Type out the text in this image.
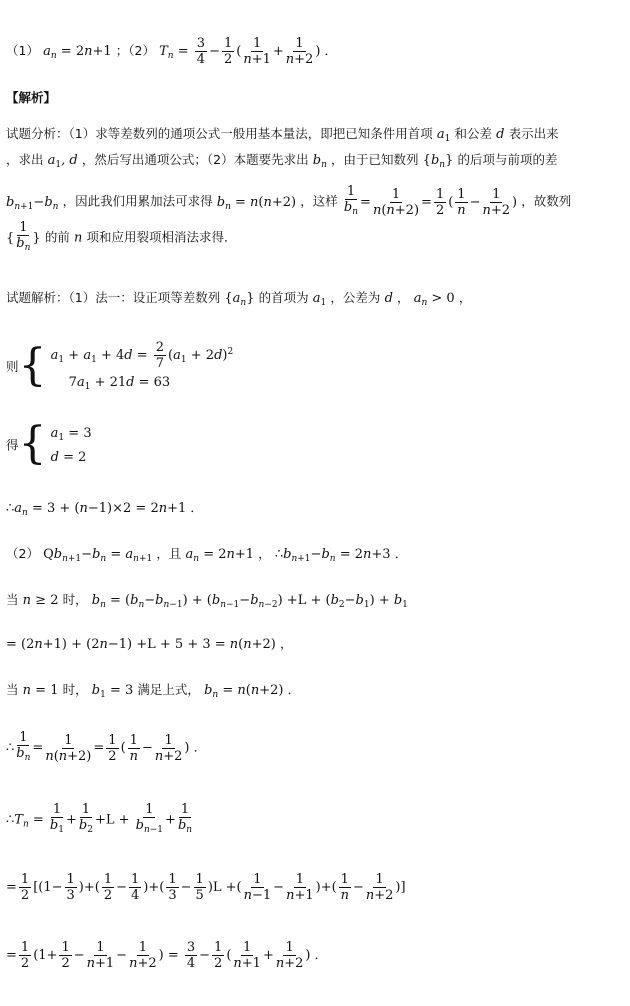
（1） $a_n = 2n+1$ ；（2） $T_n = \frac{3}{4} - \frac{1}{2}$ ( $\frac{1}{n+1} + \frac{1}{n+2}$ ) ．
【解析】
试题分析：（1）求等差数列的通项公式一般用基本量法，即把已知条件用首项 $a_1$ 和公差 d 表示出来
，求出 $a_1$, d ，然后写出通项公式；（2）本题要先求出 $b_n$ ，由于已知数列 $\{b_n\}$ 的后项与前项的差
$b_{n+1}-b_n$ ，因此我们用累加法可求得 $b_n = n(n+2)$ ，这样 $\frac{1}{b_n} = \frac{1}{n(n+2)} = \frac{1}{2}$ ( $\frac{1}{n} - \frac{1}{n+2}$ ) ，故数列
{ $\frac{1}{b_n}$ } 的前 n 项和应用裂项相消法求得．
试题解析：（1）法一：设正项等差数列 $\{a_n\}$ 的首项为 $a_1$ ，公差为 d ， $a_n > 0$ ，
则{ $a_1 + a_1 + 4d = \frac{2}{7} (a_1 + 2d)^2$
$7a_1 + 21d = 63$
得{ $a_1 = 3$
d = 2
$\therefore a_n = 3 + (n-1)\times 2 = 2n+1$ ．
（2） $Qb_{n+1}-b_n = a_{n+1}$ ，且 $a_n = 2n+1$ ， $\therefore b_{n+1}-b_n = 2n+3$ ．
当 n ≥ 2 时， $b_n = (b_n-b_{n-1}) + (b_{n-1}-b_{n-2}) +L + (b_2-b_1) + b_1$
= (2n+1) + (2n−1) +L + 5 + 3 = n(n+2) ，
当 n = 1 时， $b_1 = 3$ 满足上式， $b_n = n(n+2)$ ．
∴ $\frac{1}{b_n} = \frac{1}{n(n+2)} = \frac{1}{2}$ ( $\frac{1}{n} - \frac{1}{n+2}$ ) ．
$\therefore T_n = \frac{1}{b_1} + \frac{1}{b_2} +L + \frac{1}{b_{n-1}} + \frac{1}{b_n}$
= $\frac{1}{2} [(1- \frac{1}{3}$ )+( $\frac{1}{2} - \frac{1}{4}$ )+( $\frac{1}{3} - \frac{1}{5} )L$ +( $\frac{1}{n-1} - \frac{1}{n+1}$ )+( $\frac{1}{n} - \frac{1}{n+2}$ )]
= $\frac{1}{2} (1+ \frac{1}{2} - \frac{1}{n+1} - \frac{1}{n+2}$ ) = $\frac{3}{4} - \frac{1}{2}$ ( $\frac{1}{n+1} + \frac{1}{n+2}$ ) ．
